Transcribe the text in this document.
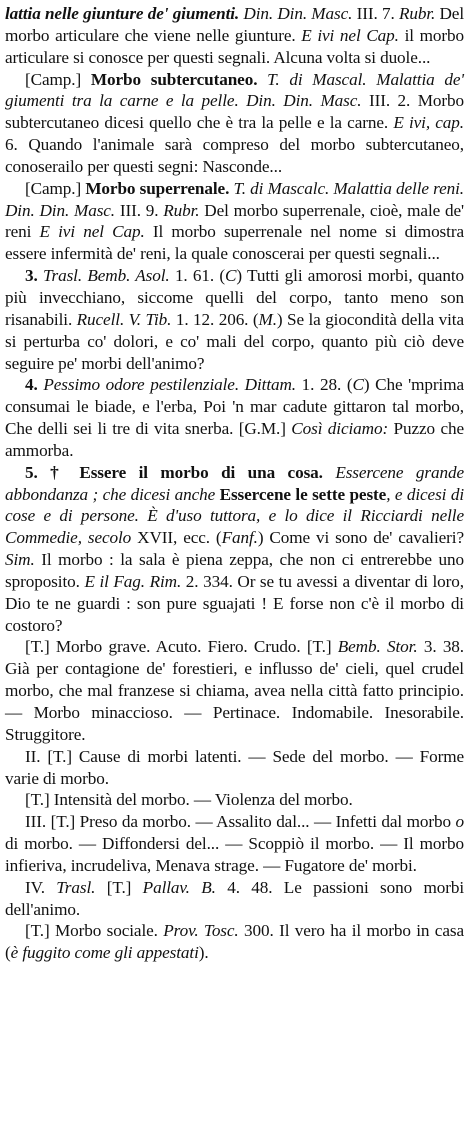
lattia nelle giunture de' giumenti. Din. Din. Masc. III. 7. Rubr. Del morbo articulare che viene nelle giunture. E ivi nel Cap. il morbo articulare si conosce per questi segnali. Alcuna volta si duole...

[Camp.] Morbo subtercutaneo. T. di Mascal. Malattia de' giumenti tra la carne e la pelle. Din. Din. Masc. III. 2. Morbo subtercutaneo dicesi quello che è tra la pelle e la carne. E ivi, cap. 6. Quando l'animale sarà compreso del morbo subtercutaneo, conoserailo per questi segni: Nasconde...

[Camp.] Morbo superrenale. T. di Mascalc. Malattia delle reni. Din. Din. Masc. III. 9. Rubr. Del morbo superrenale, cioè, male de' reni E ivi nel Cap. Il morbo superrenale nel nome si dimostra essere infermità de' reni, la quale conoscerai per questi segnali...

3. Trasl. Bemb. Asol. 1. 61. (C) Tutti gli amorosi morbi, quanto più invecchiano, siccome quelli del corpo, tanto meno son risanabili. Rucell. V. Tib. 1. 12. 206. (M.) Se la giocondità della vita si perturba co' dolori, e co' mali del corpo, quanto più ciò deve seguire pe' morbi dell'animo?

4. Pessimo odore pestilenziale. Dittam. 1. 28. (C) Che 'mprima consumai le biade, e l'erba, Poi 'n mar cadute gittaron tal morbo, Che delli sei li tre di vita snerba. [G.M.] Così diciamo: Puzzo che ammorba.

5. † Essere il morbo di una cosa. Essercene grande abbondanza ; che dicesi anche Essercene le sette peste, e dicesi di cose e di persone. È d'uso tuttora, e lo dice il Ricciardi nelle Commedie, secolo XVII, ecc. (Fanf.) Come vi sono de' cavalieri? Sim. Il morbo : la sala è piena zeppa, che non ci entrerebbe uno sproposito. E il Fag. Rim. 2. 334. Or se tu avessi a diventar di loro, Dio te ne guardi : son pure sguajati ! E forse non c'è il morbo di costoro?

[T.] Morbo grave. Acuto. Fiero. Crudo. [T.] Bemb. Stor. 3. 38. Già per contagione de' forestieri, e influsso de' cieli, quel crudel morbo, che mal franzese si chiama, avea nella città fatto principio. — Morbo minaccioso. — Pertinace. Indomabile. Inesorabile. Struggitore.

II. [T.] Cause di morbi latenti. — Sede del morbo. — Forme varie di morbo.

[T.] Intensità del morbo. — Violenza del morbo.

III. [T.] Preso da morbo. — Assalito dal... — Infetti dal morbo o di morbo. — Diffondersi del... — Scoppiò il morbo. — Il morbo infieriva, incrudeliva, Menava strage. — Fugatore de' morbi.

IV. Trasl. [T.] Pallav. B. 4. 48. Le passioni sono morbi dell'animo.

[T.] Morbo sociale. Prov. Tosc. 300. Il vero ha il morbo in casa (è fuggito come gli appestati).
